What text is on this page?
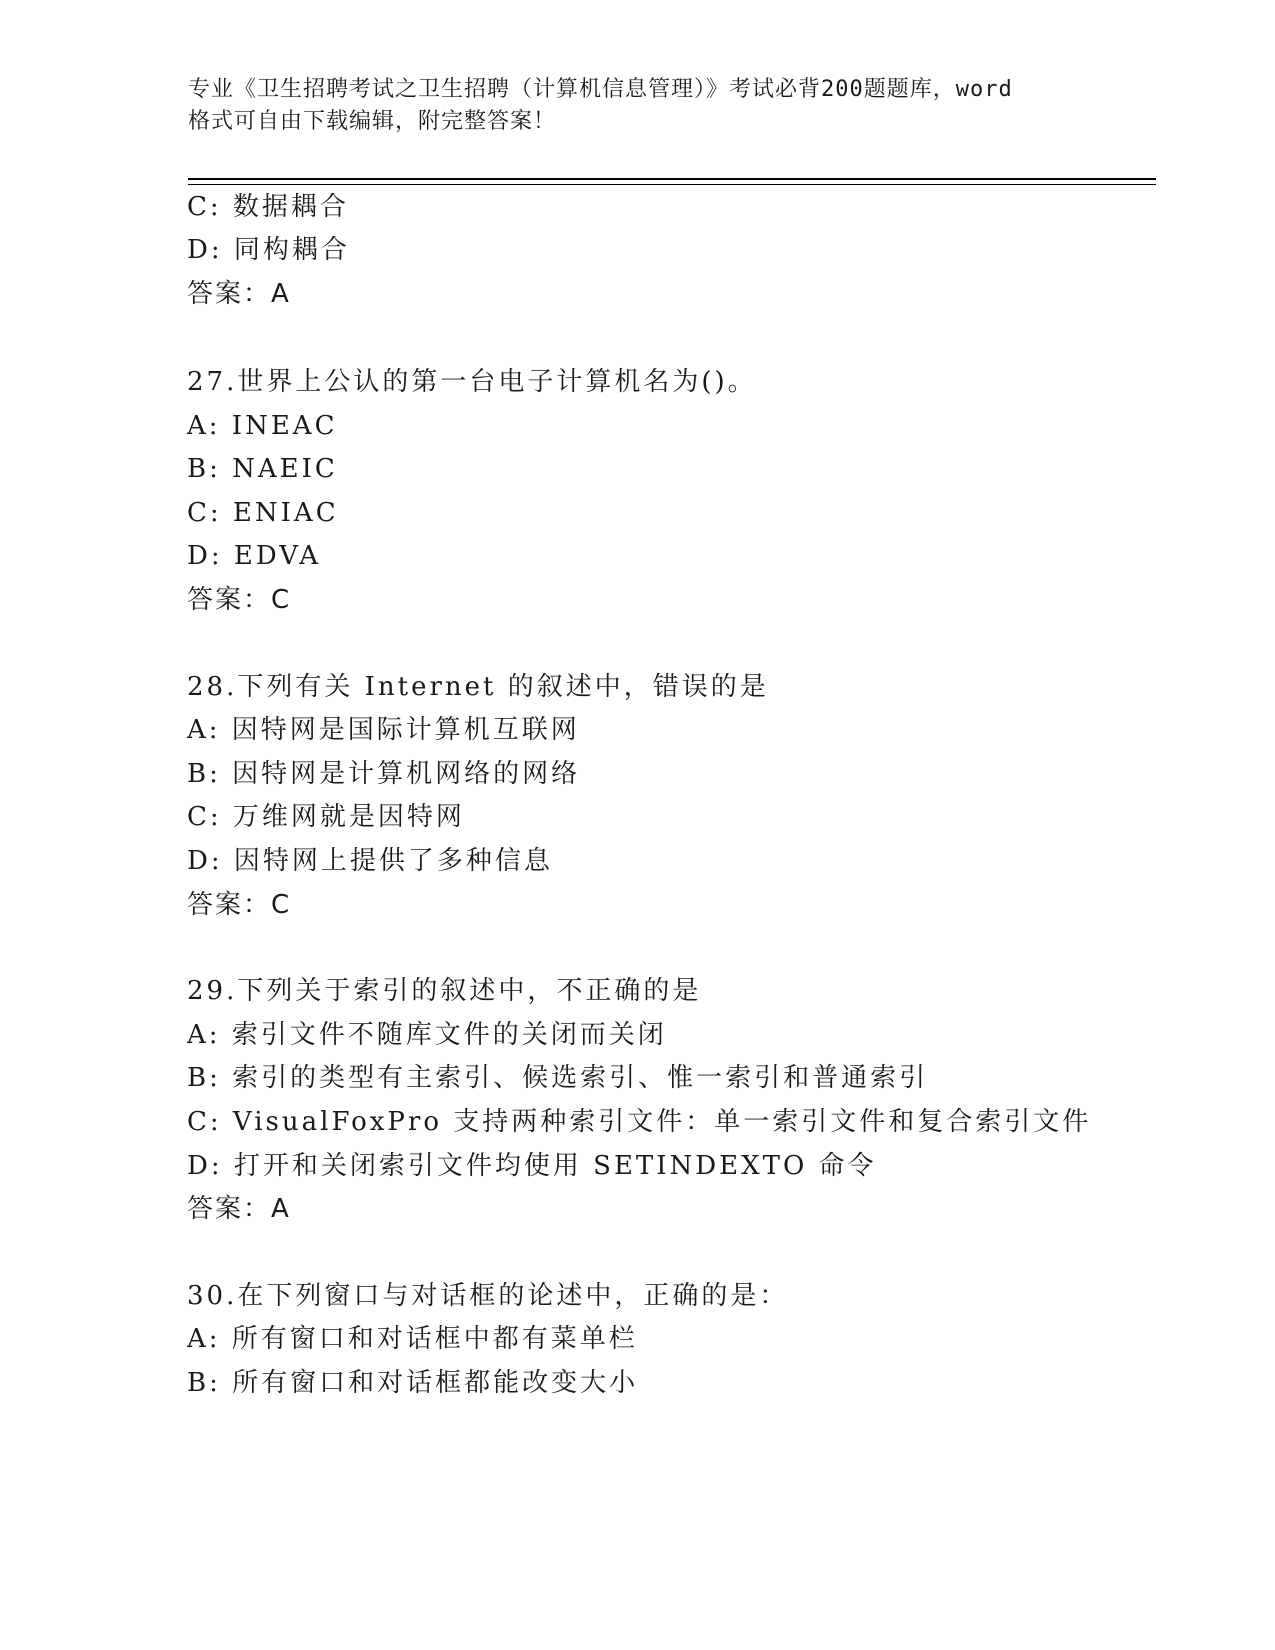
专业《卫生招聘考试之卫生招聘（计算机信息管理）》考试必背200题题库，word
格式可自由下载编辑，附完整答案！
C: 数据耦合
D: 同构耦合
答案：A
27.世界上公认的第一台电子计算机名为()。
A: INEAC
B: NAEIC
C: ENIAC
D: EDVA
答案：C
28.下列有关 Internet 的叙述中，错误的是
A: 因特网是国际计算机互联网
B: 因特网是计算机网络的网络
C: 万维网就是因特网
D: 因特网上提供了多种信息
答案：C
29.下列关于索引的叙述中，不正确的是
A: 索引文件不随库文件的关闭而关闭
B: 索引的类型有主索引、候选索引、惟一索引和普通索引
C: VisualFoxPro 支持两种索引文件：单一索引文件和复合索引文件
D: 打开和关闭索引文件均使用 SETINDEXTO 命令
答案：A
30.在下列窗口与对话框的论述中，正确的是：
A: 所有窗口和对话框中都有菜单栏
B: 所有窗口和对话框都能改变大小
